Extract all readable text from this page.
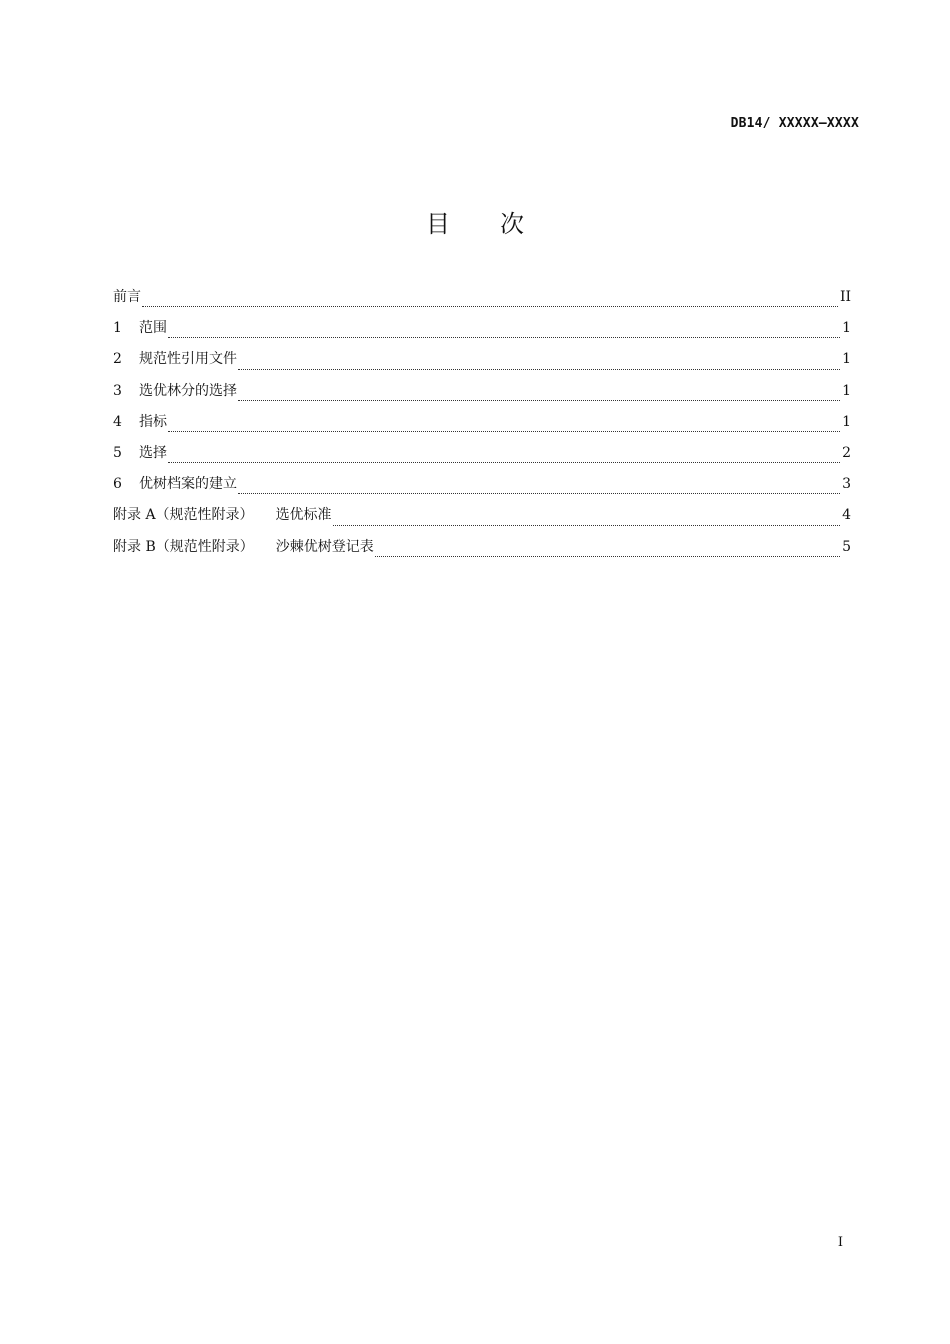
DB14/ XXXXX—XXXX
目 次
前言	II
1	范围	1
2	规范性引用文件	1
3	选优林分的选择	1
4	指标	1
5	选择	2
6	优树档案的建立	3
附录 A（规范性附录） 选优标准	4
附录 B（规范性附录） 沙棘优树登记表	5
I
